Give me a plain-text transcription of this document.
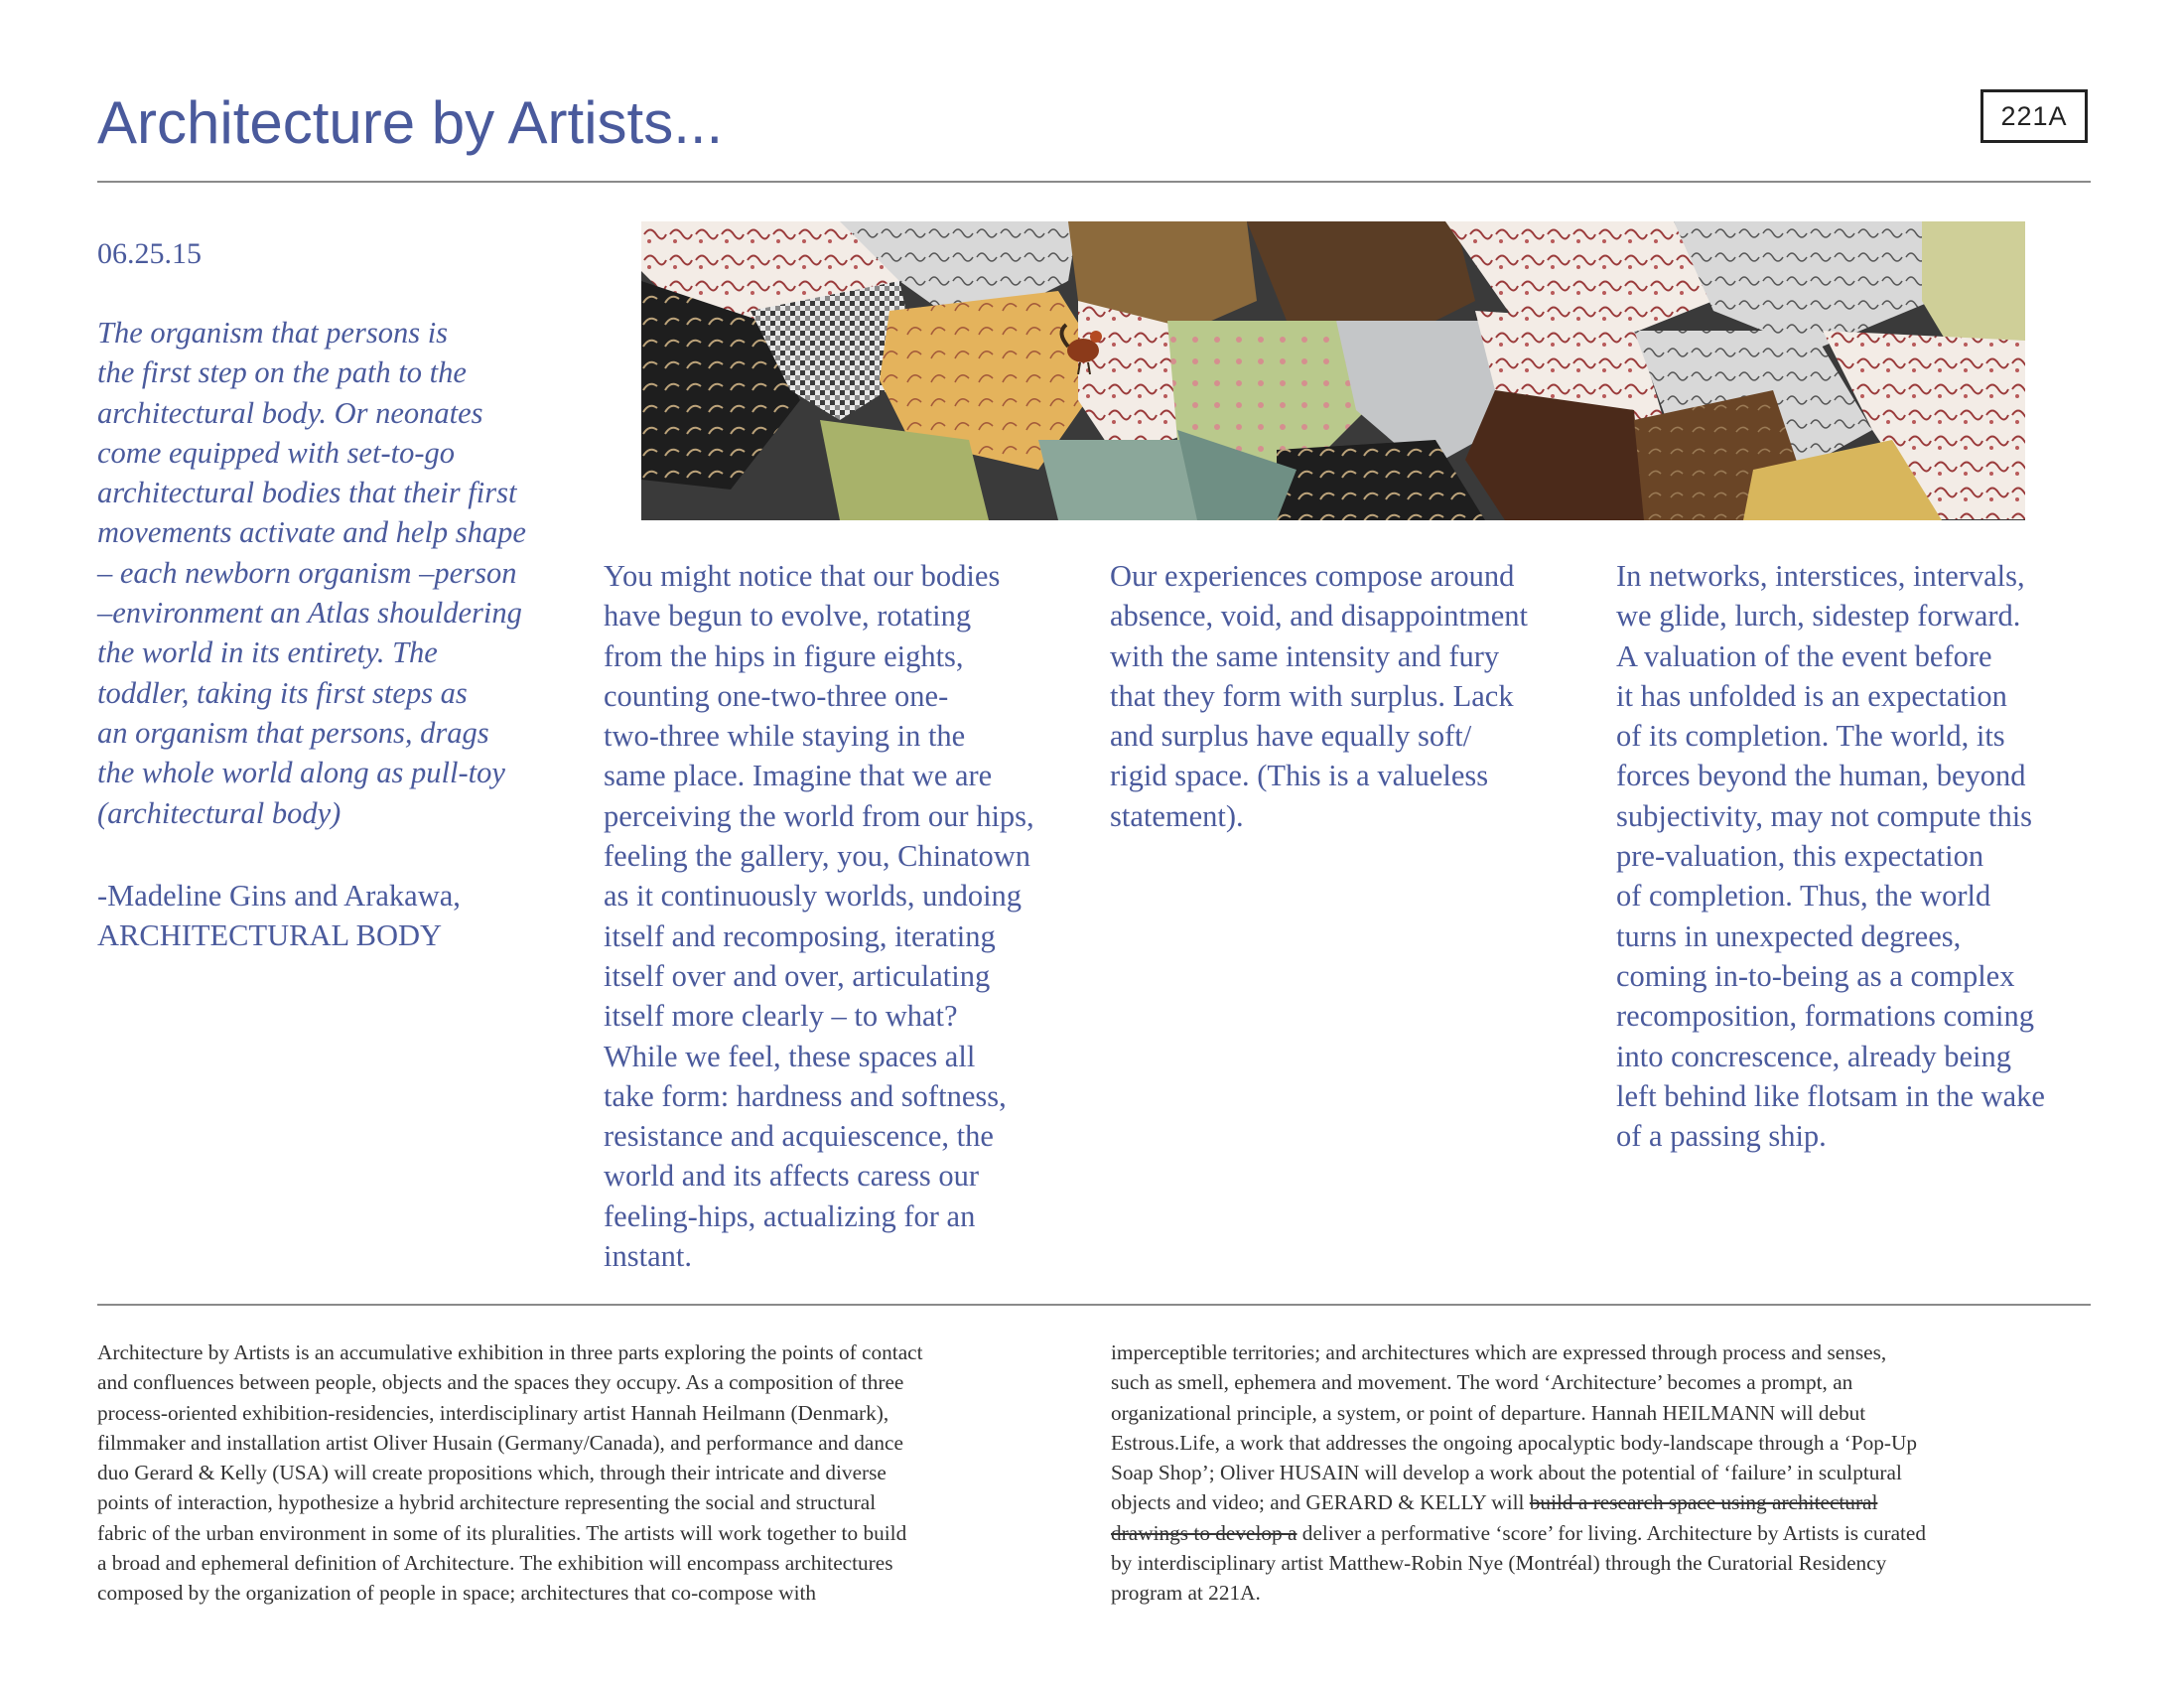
Architecture by Artists...	221A
06.25.15
The organism that persons is
the first step on the path to the
architectural body. Or neonates
come equipped with set-to-go
architectural bodies that their first
movements activate and help shape
– each newborn organism –person
–environment an Atlas shouldering
the world in its entirety. The
toddler, taking its first steps as
an organism that persons, drags
the whole world along as pull-toy
(architectural body)
-Madeline Gins and Arakawa,
ARCHITECTURAL BODY
You might notice that our bodies
have begun to evolve, rotating
from the hips in figure eights,
counting one-two-three one-
two-three while staying in the
same place. Imagine that we are
perceiving the world from our hips,
feeling the gallery, you, Chinatown
as it continuously worlds, undoing
itself and recomposing, iterating
itself over and over, articulating
itself more clearly – to what?
While we feel, these spaces all
take form: hardness and softness,
resistance and acquiescence, the
world and its affects caress our
feeling-hips, actualizing for an
instant.
Our experiences compose around
absence, void, and disappointment
with the same intensity and fury
that they form with surplus. Lack
and surplus have equally soft/
rigid space. (This is a valueless
statement).
In networks, interstices, intervals,
we glide, lurch, sidestep forward.
A valuation of the event before
it has unfolded is an expectation
of its completion. The world, its
forces beyond the human, beyond
subjectivity, may not compute this
pre-valuation, this expectation
of completion. Thus, the world
turns in unexpected degrees,
coming in-to-being as a complex
recomposition, formations coming
into concrescence, already being
left behind like flotsam in the wake
of a passing ship.
Architecture by Artists is an accumulative exhibition in three parts exploring the points of contact
and confluences between people, objects and the spaces they occupy. As a composition of three
process-oriented exhibition-residencies, interdisciplinary artist Hannah Heilmann (Denmark),
filmmaker and installation artist Oliver Husain (Germany/Canada), and performance and dance
duo Gerard & Kelly (USA) will create propositions which, through their intricate and diverse
points of interaction, hypothesize a hybrid architecture representing the social and structural
fabric of the urban environment in some of its pluralities. The artists will work together to build
a broad and ephemeral definition of Architecture. The exhibition will encompass architectures
composed by the organization of people in space; architectures that co-compose with
imperceptible territories; and architectures which are expressed through process and senses,
such as smell, ephemera and movement. The word ‘Architecture’ becomes a prompt, an
organizational principle, a system, or point of departure. Hannah HEILMANN will debut
Estrous.Life, a work that addresses the ongoing apocalyptic body-landscape through a ‘Pop-Up
Soap Shop’; Oliver HUSAIN will develop a work about the potential of ‘failure’ in sculptural
objects and video; and GERARD & KELLY will build a research space using architectural
drawings to develop a deliver a performative ‘score’ for living. Architecture by Artists is curated
by interdisciplinary artist Matthew-Robin Nye (Montréal) through the Curatorial Residency
program at 221A.
